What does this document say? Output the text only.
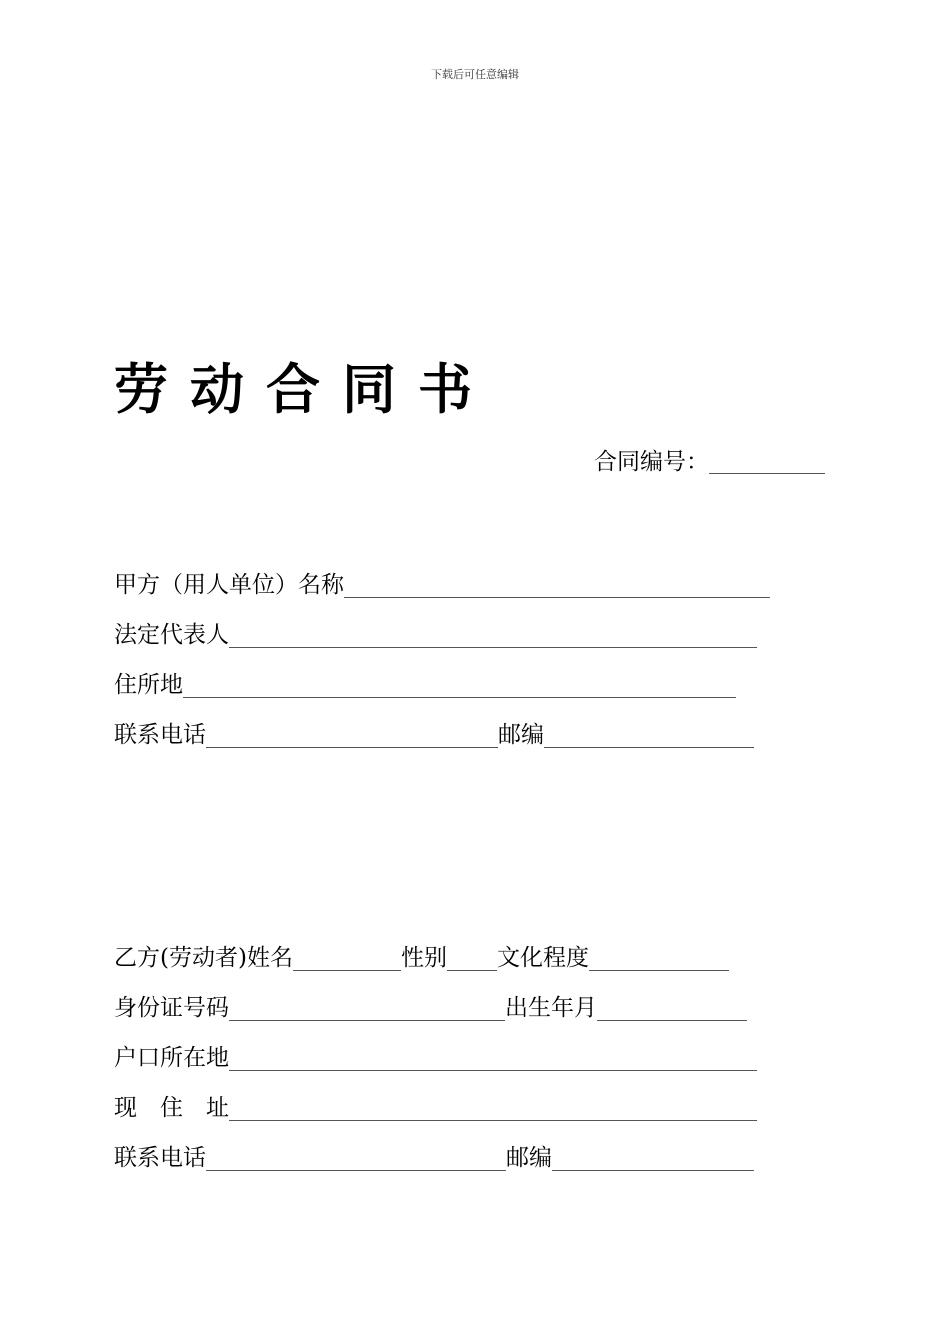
下载后可任意编辑
劳动合同书
合同编号：
甲方（用人单位）名称
法定代表人
住所地
联系电话	邮编
乙方(劳动者)姓名	性别 文化程度
身份证号码	出生年月
户口所在地
现　住　址
联系电话	邮编
